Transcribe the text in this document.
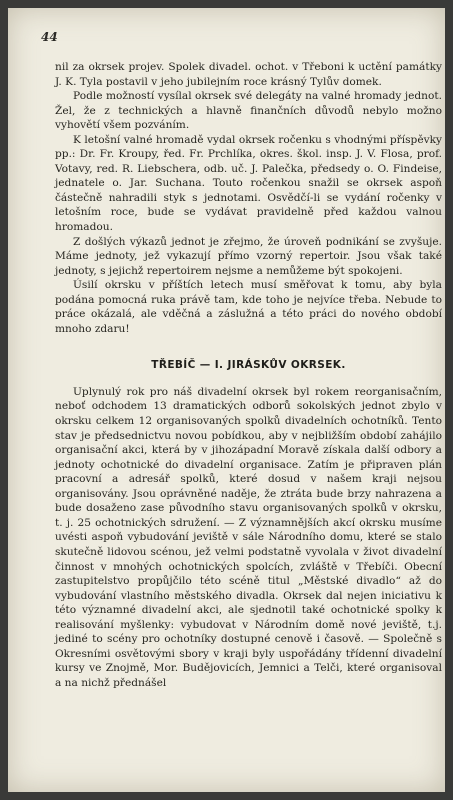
44

nil za okrsek projev. Spolek divadel. ochot. v Třeboni k uctění památky J. K. Tyla postavil v jeho jubilejním roce krásný Tylův domek.

Podle možností vysílal okrsek své delegáty na valné hromady jednot. Žel, že z technických a hlavně finančních důvodů nebylo možno vyhovětí všem pozváním.

K letošní valné hromadě vydal okrsek ročenku s vhodnými příspěvky pp.: Dr. Fr. Kroupy, řed. Fr. Prchlíka, okres. škol. insp. J. V. Flosa, prof. Votavy, red. R. Liebschera, odb. uč. J. Palečka, předsedy o. O. Findeise, jednatele o. Jar. Suchana. Touto ročenkou snažil se okrsek aspoň částečně nahradili styk s jednotami. Osvědčí-li se vydání ročenky v letošním roce, bude se vydávat pravidelně před každou valnou hromadou.

Z došlých výkazů jednot je zřejmo, že úroveň podnikání se zvyšuje. Máme jednoty, jež vykazují přímo vzorný repertoir. Jsou však také jednoty, s jejichž repertoirem nejsme a nemůžeme být spokojeni.

Úsilí okrsku v příštích letech musí směřovat k tomu, aby byla podána pomocná ruka právě tam, kde toho je nejvíce třeba. Nebude to práce okázalá, ale vděčná a záslužná a této práci do nového období mnoho zdaru!

TŘEBÍČ — I. JIRÁSKŮV OKRSEK.

Uplynulý rok pro náš divadelní okrsek byl rokem reorganisačním, neboť odchodem 13 dramatických odborů sokolských jednot zbylo v okrsku celkem 12 organisovaných spolků divadelních ochotníků. Tento stav je předsednictvu novou pobídkou, aby v nejbližším období zahájilo organisační akci, která by v jihozápadní Moravě získala další odbory a jednoty ochotnické do divadelní organisace. Zatím je připraven plán pracovní a adresář spolků, které dosud v našem kraji nejsou organisovány. Jsou oprávněné naděje, že ztráta bude brzy nahrazena a bude dosaženo zase původního stavu organisovaných spolků v okrsku, t. j. 25 ochotnických sdružení. — Z významnějších akcí okrsku musíme uvésti aspoň vybudování jeviště v sále Národního domu, které se stalo skutečně lidovou scénou, jež velmi podstatně vyvolala v život divadelní činnost v mnohých ochotnických spolcích, zvláště v Třebíči. Obecní zastupitelstvo propůjčilo této scéně titul „Městské divadlo“ až do vybudování vlastního městského divadla. Okrsek dal nejen iniciativu k této významné divadelní akci, ale sjednotil také ochotnické spolky k realisování myšlenky: vybudovat v Národním domě nové jeviště, t.j. jediné to scény pro ochotníky dostupné cenově i časově. — Společně s Okresními osvětovými sbory v kraji byly uspořádány třídenní divadelní kursy ve Znojmě, Mor. Budějovicích, Jemnici a Telči, které organisoval a na nichž přednášel
